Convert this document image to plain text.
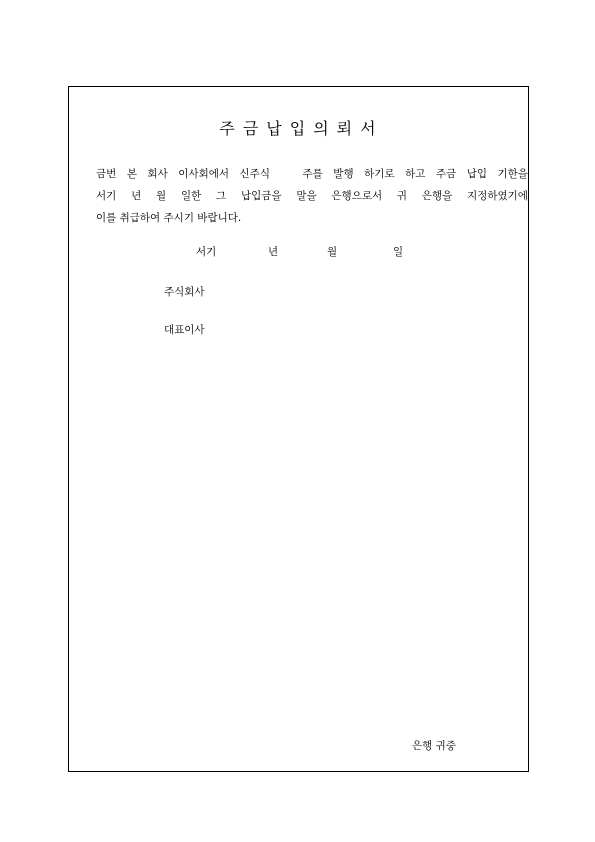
주금납입의뢰서
금번 본 회사 이사회에서 신주식	주를 발행 하기로 하고 주금 납입 기한을
서기 년 월 일한 그 납입금을 말을 은행으로서 귀 은행을 지정하였기에
이를 취급하여 주시기 바랍니다.
서기	년	월	일
주식회사
대표이사
은행 귀중
